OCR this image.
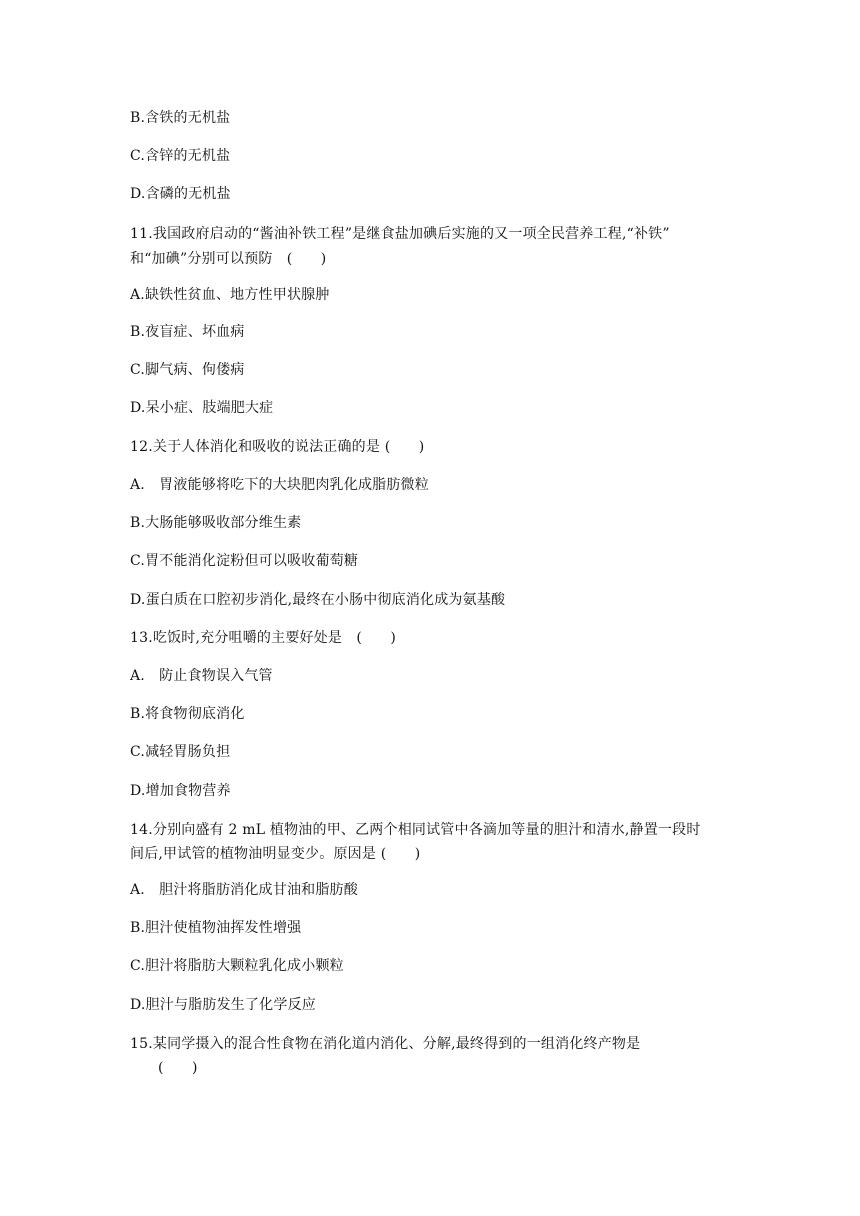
B.含铁的无机盐
C.含锌的无机盐
D.含磷的无机盐
11.我国政府启动的“酱油补铁工程”是继食盐加碘后实施的又一项全民营养工程,“补铁”
和“加碘”分别可以预防　(　　)
A.缺铁性贫血、地方性甲状腺肿
B.夜盲症、坏血病
C.脚气病、佝偻病
D.呆小症、肢端肥大症
12.关于人体消化和吸收的说法正确的是 (　　)
A.　胃液能够将吃下的大块肥肉乳化成脂肪微粒
B.大肠能够吸收部分维生素
C.胃不能消化淀粉但可以吸收葡萄糖
D.蛋白质在口腔初步消化,最终在小肠中彻底消化成为氨基酸
13.吃饭时,充分咀嚼的主要好处是　(　　)
A.　防止食物误入气管
B.将食物彻底消化
C.减轻胃肠负担
D.增加食物营养
14.分别向盛有 2 mL 植物油的甲、乙两个相同试管中各滴加等量的胆汁和清水,静置一段时
间后,甲试管的植物油明显变少。原因是 (　　)
A.　胆汁将脂肪消化成甘油和脂肪酸
B.胆汁使植物油挥发性增强
C.胆汁将脂肪大颗粒乳化成小颗粒
D.胆汁与脂肪发生了化学反应
15.某同学摄入的混合性食物在消化道内消化、分解,最终得到的一组消化终产物是
(　　)
